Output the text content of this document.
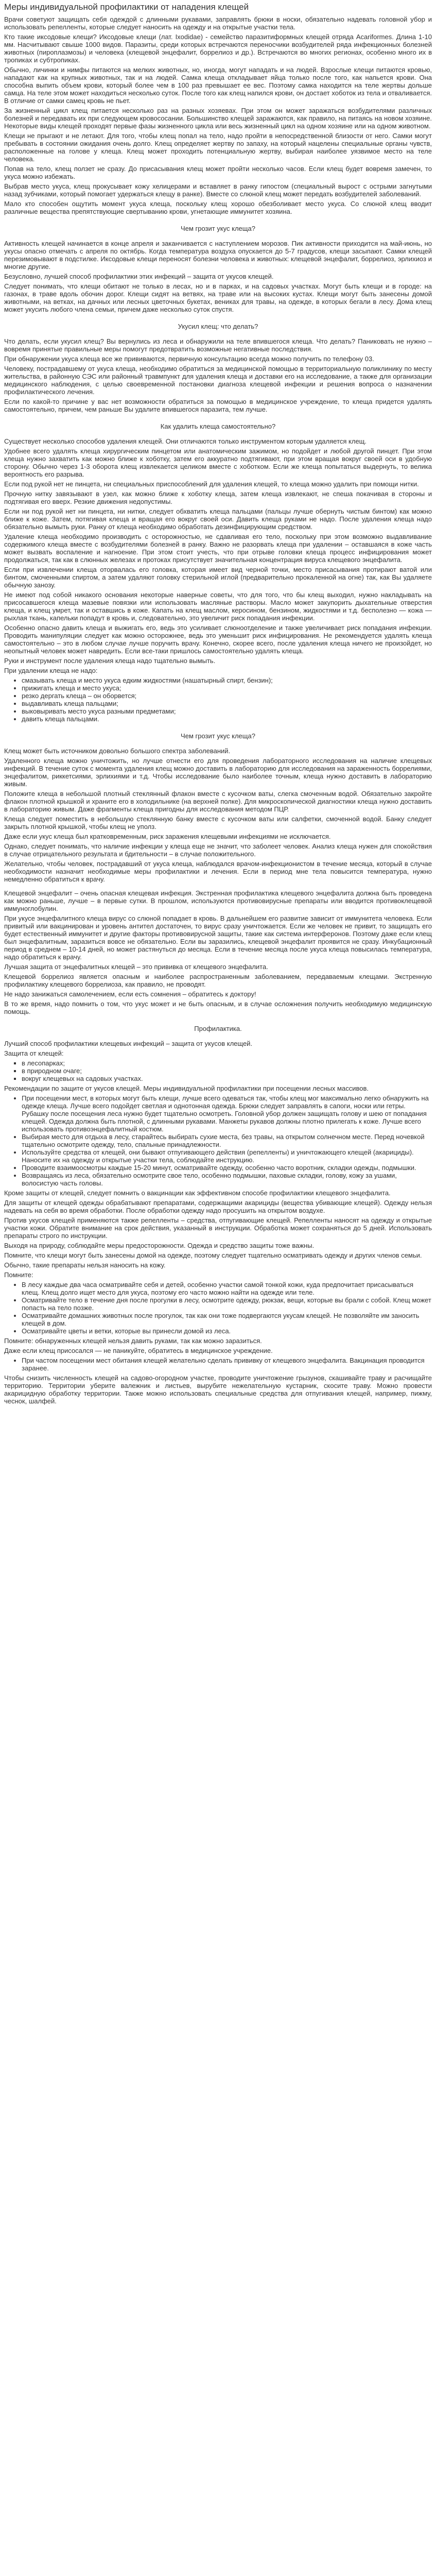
Меры индивидуальной профилактики от нападения клещей

Врачи советуют защищать себя одеждой с длинными рукавами, заправлять брюки в носки, обязательно надевать головной убор и использовать репелленты, которые следует наносить на одежду и на открытые участки тела.

Кто такие иксодовые клещи? Иксодовые клещи (лат. Ixodidae) - семейство паразитиформных клещей отряда Acariformes. Длина 1-10 мм. Насчитывают свыше 1000 видов. Паразиты, среди которых встречаются переносчики возбудителей ряда инфекционных болезней животных (пироплазмозы) и человека (клещевой энцефалит, боррелиоз и др.). Встречаются во многих регионах, особенно много их в тропиках и субтропиках.

Обычно, личинки и нимфы питаются на мелких животных, но, иногда, могут нападать и на людей. Взрослые клещи питаются кровью, нападают как на крупных животных, так и на людей. Самка клеща откладывает яйца только после того, как напьется крови. Она способна выпить объем крови, который более чем в 100 раз превышает ее вес. Поэтому самка находится на теле жертвы дольше самца. На теле этом может находиться несколько суток. После того как клещ напился крови, он достает хоботок из тела и отваливается. В отличие от самки самец кровь не пьет.

За жизненный цикл клещ питается несколько раз на разных хозяевах. При этом он может заражаться возбудителями различных болезней и передавать их при следующем кровососании. Большинство клещей заражаются, как правило, на питаясь на новом хозяине. Некоторые виды клещей проходят первые фазы жизненного цикла или весь жизненный цикл на одном хозяине или на одном животном.

Клещи не прыгают и не летают. Для того, чтобы клещ попал на тело, надо пройти в непосредственной близости от него. Самки могут пребывать в состоянии ожидания очень долго. Клещ определяет жертву по запаху, на который нацелены специальные органы чувств, расположенные на голове у клеща. Клещ может проходить потенциальную жертву, выбирая наиболее уязвимое место на теле человека.

Попав на тело, клещ ползет не сразу. До присасывания клещ может пройти несколько часов. Если клещ будет вовремя замечен, то укуса можно избежать.

Выбрав место укуса, клещ прокусывает кожу хелицерами и вставляет в ранку гипостом (специальный вырост с острыми загнутыми назад зубчиками, который помогает удержаться клещу в ранке). Вместе со слюной клещ может передать возбудителей заболеваний.

Мало кто способен ощутить момент укуса клеща, поскольку клещ хорошо обезболивает место укуса. Со слюной клещ вводит различные вещества препятствующие свертыванию крови, угнетающие иммунитет хозяина.

Чем грозит укус клеща?

Активность клещей начинается в конце апреля и заканчивается с наступлением морозов. Пик активности приходится на май-июнь, но укусы опасно отмечать с апреля по октябрь. Когда температура воздуха опускается до 5-7 градусов, клещи засыпают. Самки клещей перезимовывают в подстилке. Иксодовые клещи переносят болезни человека и животных: клещевой энцефалит, боррелиоз, эрлихиоз и многие другие.

Безусловно, лучшей способ профилактики этих инфекций – защита от укусов клещей.

Следует понимать, что клещи обитают не только в лесах, но и в парках, и на садовых участках. Могут быть клещи и в городе: на газонах, в траве вдоль обочин дорог. Клещи сидят на ветвях, на траве или на высоких кустах. Клещи могут быть занесены домой животными, на ветках, на дачных или лесных цветочных букетах, вениках для травы, на одежде, в которых бегали в лесу. Дома клещ может укусить любого члена семьи, причем даже несколько суток спустя.

Укусил клещ: что делать?

Что делать, если укусил клещ? Вы вернулись из леса и обнаружили на теле впившегося клеща. Что делать? Паниковать не нужно – вовремя принятые правильные меры помогут предотвратить возможные негативные последствия.

При обнаружении укуса клеща все же прививаются, первичную консультацию всегда можно получить по телефону 03.

Человеку, пострадавшему от укуса клеща, необходимо обратиться за медицинской помощью в территориальную поликлинику по месту жительства, в районную СЭС или районный травмпункт для удаления клеща и доставки его на исследование, а также для организации медицинского наблюдения, с целью своевременной постановки диагноза клещевой инфекции и решения вопроса о назначении профилактического лечения.

Если по какой-то причине у вас нет возможности обратиться за помощью в медицинское учреждение, то клеща придется удалять самостоятельно, причем, чем раньше Вы удалите впившегося паразита, тем лучше.

Как удалить клеща самостоятельно?

Существует несколько способов удаления клещей. Они отличаются только инструментом которым удаляется клещ.

Удобнее всего удалять клеща хирургическим пинцетом или анатомическим зажимом, но подойдет и любой другой пинцет. При этом клеща нужно захватить как можно ближе к хоботку, затем его аккуратно подтягивают, при этом вращая вокруг своей оси в удобную сторону. Обычно через 1-3 оборота клещ извлекается целиком вместе с хоботком. Если же клеща попытаться выдернуть, то велика вероятность его разрыва.

Если под рукой нет не пинцета, ни специальных приспособлений для удаления клещей, то клеща можно удалить при помощи нитки.

Прочную нитку завязывают в узел, как можно ближе к хоботку клеща, затем клеща извлекают, не спеша покачивая в стороны и подтягивая его вверх. Резкие движения недопустимы.

Если ни под рукой нет ни пинцета, ни нитки, следует обхватить клеща пальцами (пальцы лучше обернуть чистым бинтом) как можно ближе к коже. Затем, потягивая клеща и вращая его вокруг своей оси. Давить клеща руками не надо. После удаления клеща надо обязательно вымыть руки. Ранку от клеща необходимо обработать дезинфицирующим средством.

Удаление клеща необходимо производить с осторожностью, не сдавливая его тело, поскольку при этом возможно выдавливание содержимого клеща вместе с возбудителями болезней в ранку. Важно не разорвать клеща при удалении – оставшаяся в коже часть может вызвать воспаление и нагноение. При этом стоит учесть, что при отрыве головки клеща процесс инфицирования может продолжаться, так как в слюнных железах и протоках присутствует значительная концентрация вируса клещевого энцефалита.

Если при извлечении клеща оторвалась его головка, которая имеет вид черной точки, место присасывания протирают ватой или бинтом, смоченными спиртом, а затем удаляют головку стерильной иглой (предварительно прокаленной на огне) так, как Вы удаляете обычную занозу.

Не имеют под собой никакого основания некоторые наверные советы, что для того, что бы клещ выходил, нужно накладывать на присосавшегося клеща мазевые повязки или использовать масляные растворы. Масло может закупорить дыхательные отверстия клеща, и клещ умрет, так и оставшись в коже. Капать на клещ маслом, керосином, бензином, жидкостями и т.д. бесполезно — кожа — рыхлая ткань, капельки попадут в кровь и, следовательно, это увеличит риск попадания инфекции.

Особенно опасно давить клеща и выжигать его, ведь это усиливает слюноотделение и также увеличивает риск попадания инфекции. Проводить манипуляции следует как можно осторожнее, ведь это уменьшит риск инфицирования. Не рекомендуется удалять клеща самостоятельно – это в любом случае лучше поручить врачу. Конечно, скорее всего, после удаления клеща ничего не произойдет, но неопытный человек может навредить. Если все-таки пришлось самостоятельно удалять клеща.

Руки и инструмент после удаления клеща надо тщательно вымыть.

При удалении клеща не надо:

• смазывать клеща и место укуса едким жидкостями (нашатырный спирт, бензин);
• прижигать клеща и место укуса;
• резко дергать клеща – он оборвется;
• выдавливать клеща пальцами;
• выковыривать место укуса разными предметами;
• давить клеща пальцами.
Чем грозит укус клеща?

Клещ может быть источником довольно большого спектра заболеваний.

Удаленного клеща можно уничтожить, но лучше отнести его для проведения лабораторного исследования на наличие клещевых инфекций. В течение суток с момента удаления клещ можно доставить в лабораторию для исследования на зараженность боррелиями, энцефалитом, риккетсиями, эрлихиями и т.д. Чтобы исследование было наиболее точным, клеща нужно доставить в лабораторию живым.

Положите клеща в небольшой плотный стеклянный флакон вместе с кусочком ваты, слегка смоченным водой. Обязательно закройте флакон плотной крышкой и храните его в холодильнике (на верхней полке). Для микроскопической диагностики клеща нужно доставить в лабораторию живым. Даже фрагменты клеща пригодны для исследования методом ПЦР.

Клеща следует поместить в небольшую стеклянную банку вместе с кусочком ваты или салфетки, смоченной водой. Банку следует закрыть плотной крышкой, чтобы клещ не уполз.

Даже если укус клеща был кратковременным, риск заражения клещевыми инфекциями не исключается.

Однако, следует понимать, что наличие инфекции у клеща еще не значит, что заболеет человек. Анализ клеща нужен для спокойствия в случае отрицательного результата и бдительности – в случае положительного.

Желательно, чтобы человек, пострадавший от укуса клеща, наблюдался врачом-инфекционистом в течение месяца, который в случае необходимости назначит необходимые меры профилактики и лечения. Если в период мне тела повысится температура, нужно немедленно обратиться к врачу.

Клещевой энцефалит – очень опасная клещевая инфекция. Экстренная профилактика клещевого энцефалита должна быть проведена как можно раньше, лучше – в первые сутки. В прошлом, используются противовирусные препараты или вводится противоклещевой иммуноглобулин.

При укусе энцефалитного клеща вирус со слюной попадает в кровь. В дальнейшем его развитие зависит от иммунитета человека. Если привитый или вакцинирован и уровень антител достаточен, то вирус сразу уничтожается. Если же человек не привит, то защищать его будет естественный иммунитет и другие факторы противовирусной защиты, такие как система интерферонов. Поэтому даже если клещ был энцефалитным, заразиться вовсе не обязательно. Если вы заразились, клещевой энцефалит проявится не сразу. Инкубационный период в среднем – 10-14 дней, но может растянуться до месяца. Если в течение месяца после укуса клеща повысилась температура, надо обратиться к врачу.

Лучшая защита от энцефалитных клещей – это прививка от клещевого энцефалита.

Клещевой боррелиоз является опасным и наиболее распространенным заболеванием, передаваемым клещами. Экстренную профилактику клещевого боррелиоза, как правило, не проводят.

Не надо занижаться самолечением, если есть сомнения – обратитесь к доктору!

В то же время, надо помнить о том, что укус может и не быть опасным, и в случае осложнения получить необходимую медицинскую помощь.

Профилактика.

Лучший способ профилактики клещевых инфекций – защита от укусов клещей.

Защита от клещей:

▪ в лесопарках;
▪ в природном очаге;
▪ вокруг клещевых на садовых участках.

Рекомендации по защите от укусов клещей. Меры индивидуальной профилактики при посещении лесных массивов.

• При посещении мест, в которых могут быть клещи, лучше всего одеваться так, чтобы клещ мог максимально легко обнаружить на одежде клеща. Лучше всего подойдет светлая и однотонная одежда. Брюки следует заправлять в сапоги, носки или гетры. Рубашку после посещения леса нужно будет тщательно осмотреть. Головной убор должен защищать голову и шею от попадания клещей. Одежда должна быть плотной, с длинными рукавами. Манжеты рукавов должны плотно прилегать к коже. Лучше всего использовать противоэнцефалитный костюм.
• Выбирая место для отдыха в лесу, старайтесь выбирать сухие места, без травы, на открытом солнечном месте. Перед ночевкой тщательно осмотрите одежду, тело, спальные принадлежности.
• Используйте средства от клещей, они бывают отпугивающего действия (репелленты) и уничтожающего клещей (акарициды). Наносите их на одежду и открытые участки тела, соблюдайте инструкцию.
• Проводите взаимоосмотры каждые 15-20 минут, осматривайте одежду, особенно часто воротник, складки одежды, подмышки.
• Возвращаясь из леса, обязательно осмотрите свое тело, особенно подмышки, паховые складки, голову, кожу за ушами, волосистую часть головы.

Кроме защиты от клещей, следует помнить о вакцинации как эффективном способе профилактики клещевого энцефалита.

Для защиты от клещей одежды обрабатывают препаратами, содержащими акарициды (вещества убивающие клещей). Одежду нельзя надевать на себя во время обработки. После обработки одежду надо просушить на открытом воздухе.

Против укусов клещей применяются также репелленты – средства, отпугивающие клещей. Репелленты наносят на одежду и открытые участки кожи. Обратите внимание на срок действия, указанный в инструкции. Обработка может сохраняться до 5 дней. Использовать препараты строго по инструкции.

Выходя на природу, соблюдайте меры предосторожности. Одежда и средство защиты тоже важны.

Помните, что клещи могут быть занесены домой на одежде, поэтому следует тщательно осматривать одежду и других членов семьи.

Обычно, такие препараты нельзя наносить на кожу.

Помните:

• В лесу каждые два часа осматривайте себя и детей, особенно участки самой тонкой кожи, куда предпочитает присасываться клещ. Клещ долго ищет место для укуса, поэтому его часто можно найти на одежде или теле.
• Осматривайте тело в течение дня после прогулки в лесу, осмотрите одежду, рюкзак, вещи, которые вы брали с собой. Клещ может попасть на тело позже.
• Осматривайте домашних животных после прогулок, так как они тоже подвергаются укусам клещей. Не позволяйте им заносить клещей в дом.
• Осматривайте цветы и ветки, которые вы принесли домой из леса.

Помните: обнаруженных клещей нельзя давить руками, так как можно заразиться.

Даже если клещ присосался — не паникуйте, обратитесь в медицинское учреждение.

• При частом посещении мест обитания клещей желательно сделать прививку от клещевого энцефалита. Вакцинация проводится заранее.

Чтобы снизить численность клещей на садово-огородном участке, проводите уничтожение грызунов, скашивайте траву и расчищайте территорию. Территории уберите валежник и листьев, вырубите нежелательную кустарник, скосите траву. Можно провести акарицидную обработку территории. Также можно использовать специальные средства для отпугивания клещей, например, пижму, чеснок, шалфей.
